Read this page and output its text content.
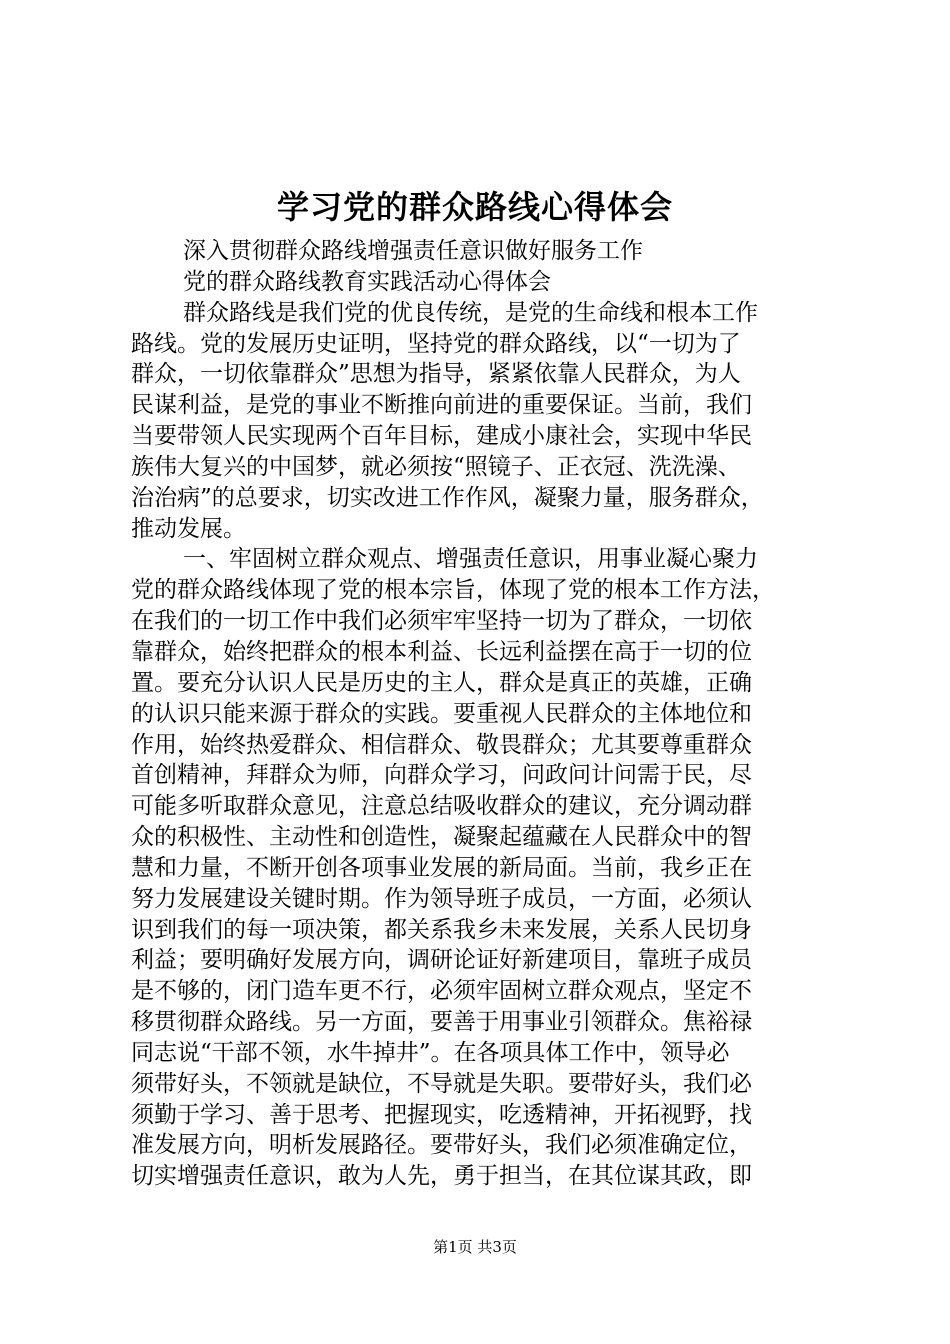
学习党的群众路线心得体会
深入贯彻群众路线增强责任意识做好服务工作
党的群众路线教育实践活动心得体会
群众路线是我们党的优良传统，是党的生命线和根本工作
路线。党的发展历史证明，坚持党的群众路线，以“一切为了
群众，一切依靠群众”思想为指导，紧紧依靠人民群众，为人
民谋利益，是党的事业不断推向前进的重要保证。当前，我们
当要带领人民实现两个百年目标，建成小康社会，实现中华民
族伟大复兴的中国梦，就必须按“照镜子、正衣冠、洗洗澡、
治治病”的总要求，切实改进工作作风，凝聚力量，服务群众，
推动发展。
一、牢固树立群众观点、增强责任意识，用事业凝心聚力
党的群众路线体现了党的根本宗旨，体现了党的根本工作方法，
在我们的一切工作中我们必须牢牢坚持一切为了群众，一切依
靠群众，始终把群众的根本利益、长远利益摆在高于一切的位
置。要充分认识人民是历史的主人，群众是真正的英雄，正确
的认识只能来源于群众的实践。要重视人民群众的主体地位和
作用，始终热爱群众、相信群众、敬畏群众；尤其要尊重群众
首创精神，拜群众为师，向群众学习，问政问计问需于民，尽
可能多听取群众意见，注意总结吸收群众的建议，充分调动群
众的积极性、主动性和创造性，凝聚起蕴藏在人民群众中的智
慧和力量，不断开创各项事业发展的新局面。当前，我乡正在
努力发展建设关键时期。作为领导班子成员，一方面，必须认
识到我们的每一项决策，都关系我乡未来发展，关系人民切身
利益；要明确好发展方向，调研论证好新建项目，靠班子成员
是不够的，闭门造车更不行，必须牢固树立群众观点，坚定不
移贯彻群众路线。另一方面，要善于用事业引领群众。焦裕禄
同志说“干部不领，水牛掉井”。在各项具体工作中，领导必
须带好头，不领就是缺位，不导就是失职。要带好头，我们必
须勤于学习、善于思考、把握现实，吃透精神，开拓视野，找
准发展方向，明析发展路径。要带好头，我们必须准确定位，
切实增强责任意识，敢为人先，勇于担当，在其位谋其政，即
第1页 共3页
